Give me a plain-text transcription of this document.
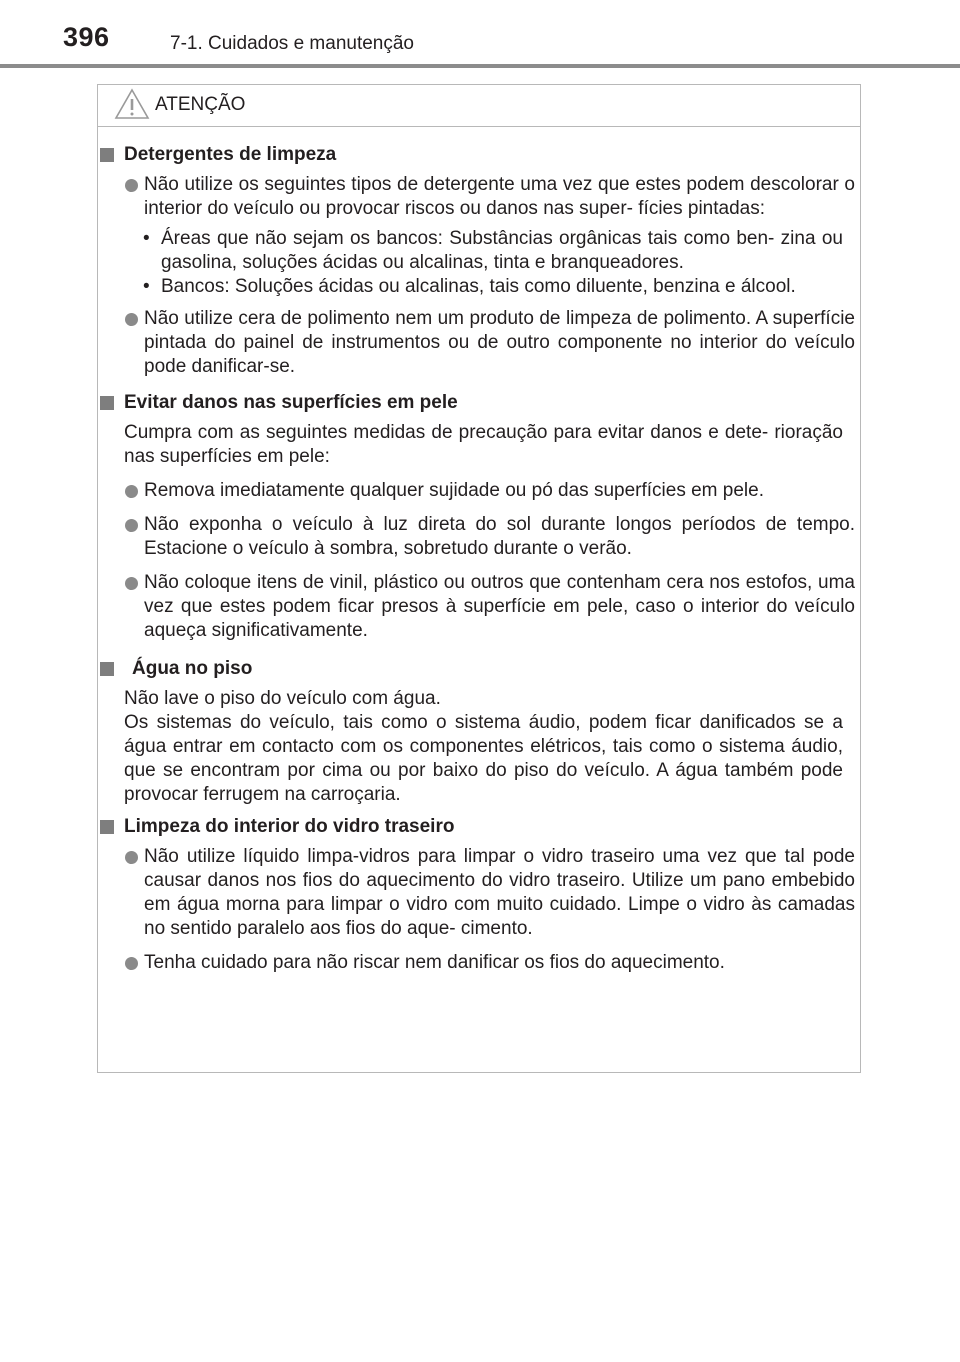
396	7-1. Cuidados e manutenção
ATENÇÃO
Detergentes de limpeza
Não utilize os seguintes tipos de detergente uma vez que estes podem descolorar o interior do veículo ou provocar riscos ou danos nas super- fícies pintadas:
• Áreas que não sejam os bancos: Substâncias orgânicas tais como ben- zina ou gasolina, soluções ácidas ou alcalinas, tinta e branqueadores.
• Bancos: Soluções ácidas ou alcalinas, tais como diluente, benzina e álcool.
Não utilize cera de polimento nem um produto de limpeza de polimento. A superfície pintada do painel de instrumentos ou de outro componente no interior do veículo pode danificar-se.
Evitar danos nas superfícies em pele
Cumpra com as seguintes medidas de precaução para evitar danos e dete- rioração nas superfícies em pele:
Remova imediatamente qualquer sujidade ou pó das superfícies em pele.
Não exponha o veículo à luz direta do sol durante longos períodos de tempo. Estacione o veículo à sombra, sobretudo durante o verão.
Não coloque itens de vinil, plástico ou outros que contenham cera nos estofos, uma vez que estes podem ficar presos à superfície em pele, caso o interior do veículo aqueça significativamente.
Água no piso
Não lave o piso do veículo com água.
Os sistemas do veículo, tais como o sistema áudio, podem ficar danificados se a água entrar em contacto com os componentes elétricos, tais como o sistema áudio, que se encontram por cima ou por baixo do piso do veículo. A água também pode provocar ferrugem na carroçaria.
Limpeza do interior do vidro traseiro
Não utilize líquido limpa-vidros para limpar o vidro traseiro uma vez que tal pode causar danos nos fios do aquecimento do vidro traseiro. Utilize um pano embebido em água morna para limpar o vidro com muito cuidado. Limpe o vidro às camadas no sentido paralelo aos fios do aque- cimento.
Tenha cuidado para não riscar nem danificar os fios do aquecimento.
